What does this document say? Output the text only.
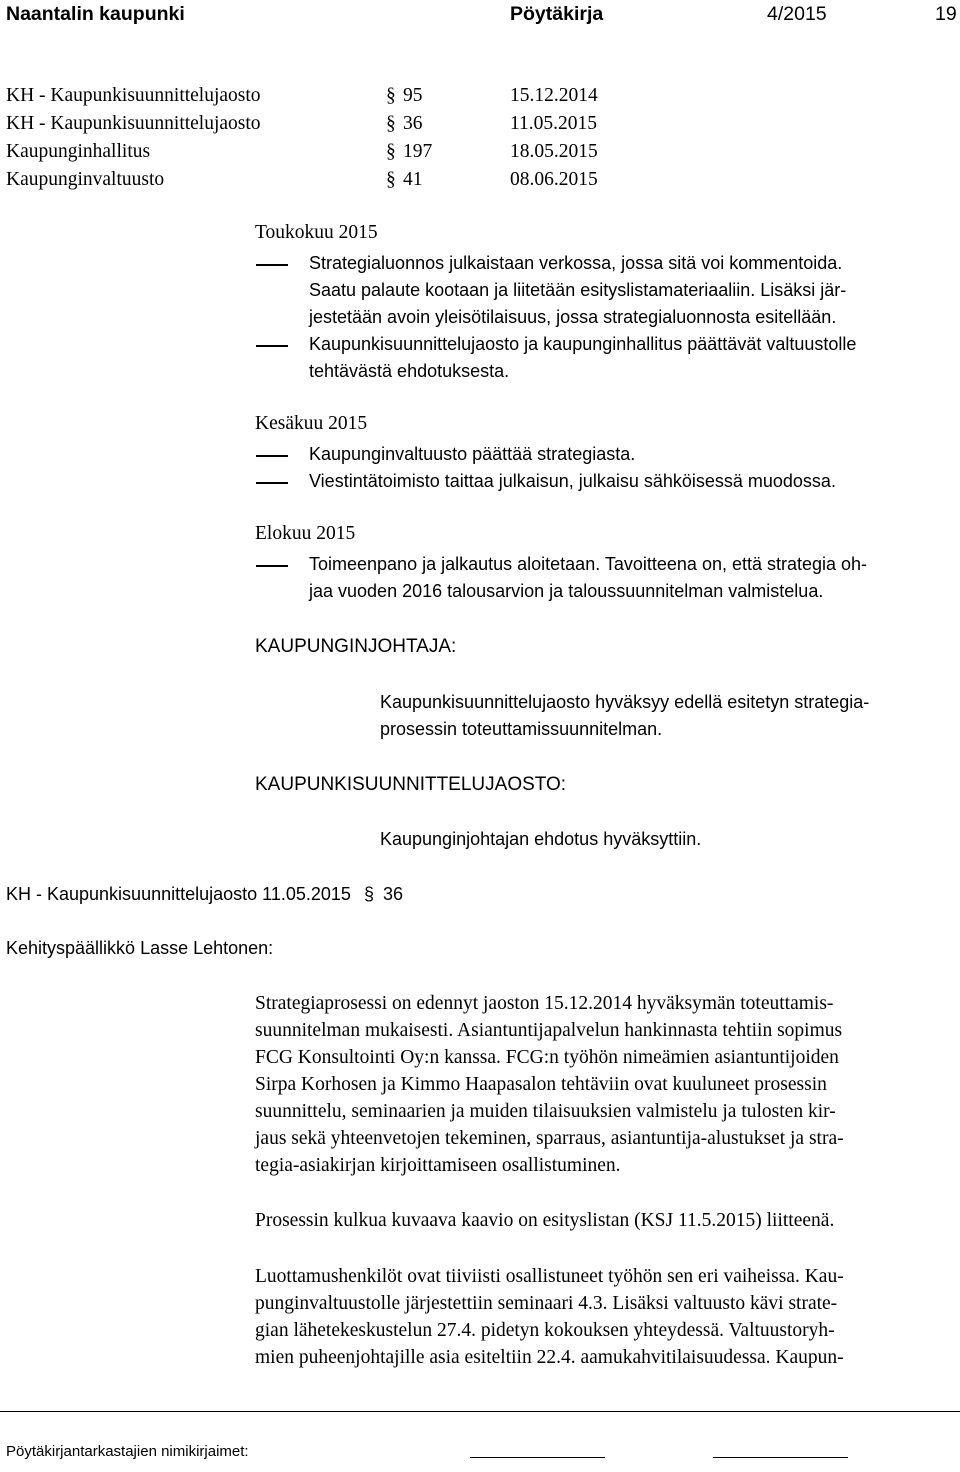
Naantalin kaupunki	Pöytäkirja	4/2015	19
KH - Kaupunkisuunnittelujaosto	§ 95	15.12.2014
KH - Kaupunkisuunnittelujaosto	§ 36	11.05.2015
Kaupunginhallitus	§ 197	18.05.2015
Kaupunginvaltuusto	§ 41	08.06.2015
Toukokuu 2015
Strategialuonnos julkaistaan verkossa, jossa sitä voi kommentoida.
Saatu palaute kootaan ja liitetään esityslistamateriaaliin. Lisäksi jär-
jestetään avoin yleisötilaisuus, jossa strategialuonnosta esitellään.
Kaupunkisuunnittelujaosto ja kaupunginhallitus päättävät valtuustolle
tehtävästä ehdotuksesta.
Kesäkuu 2015
Kaupunginvaltuusto päättää strategiasta.
Viestintätoimisto taittaa julkaisun, julkaisu sähköisessä muodossa.
Elokuu 2015
Toimeenpano ja jalkautus aloitetaan. Tavoitteena on, että strategia oh-
jaa vuoden 2016 talousarvion ja taloussuunnitelman valmistelua.
KAUPUNGINJOHTAJA:
Kaupunkisuunnittelujaosto hyväksyy edellä esitetyn strategia-
prosessin toteuttamissuunnitelman.
KAUPUNKISUUNNITTELUJAOSTO:
Kaupunginjohtajan ehdotus hyväksyttiin.
KH - Kaupunkisuunnittelujaosto 11.05.2015 § 36
Kehityspäällikkö Lasse Lehtonen:
Strategiaprosessi on edennyt jaoston 15.12.2014 hyväksymän toteuttamis-
suunnitelman mukaisesti. Asiantuntijapalvelun hankinnasta tehtiin sopimus
FCG Konsultointi Oy:n kanssa. FCG:n työhön nimeämien asiantuntijoiden
Sirpa Korhosen ja Kimmo Haapasalon tehtäviin ovat kuuluneet prosessin
suunnittelu, seminaarien ja muiden tilaisuuksien valmistelu ja tulosten kir-
jaus sekä yhteenvetojen tekeminen, sparraus, asiantuntija-alustukset ja stra-
tegia-asiakirjan kirjoittamiseen osallistuminen.
Prosessin kulkua kuvaava kaavio on esityslistan (KSJ 11.5.2015) liitteenä.
Luottamushenkilöt ovat tiiviisti osallistuneet työhön sen eri vaiheissa. Kau-
punginvaltuustolle järjestettiin seminaari 4.3. Lisäksi valtuusto kävi strate-
gian lähetekeskustelun 27.4. pidetyn kokouksen yhteydessä. Valtuustoryh-
mien puheenjohtajille asia esiteltiin 22.4. aamukahvitilaisuudessa. Kaupun-
Pöytäkirjantarkastajien nimikirjaimet:
